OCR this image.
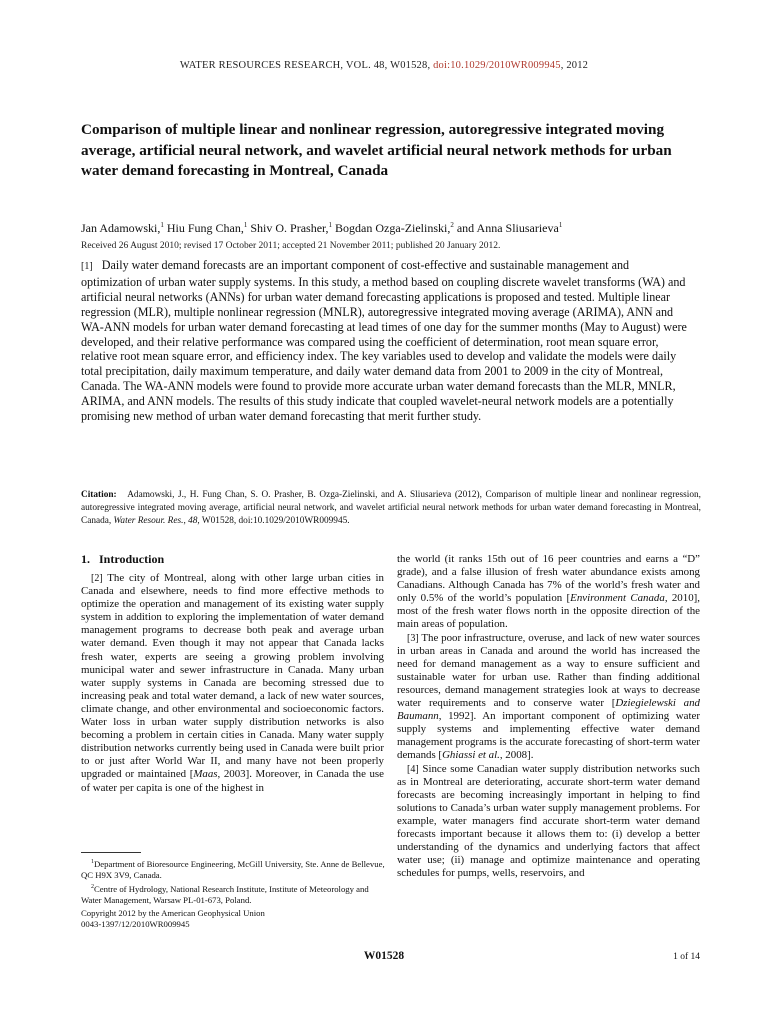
WATER RESOURCES RESEARCH, VOL. 48, W01528, doi:10.1029/2010WR009945, 2012
Comparison of multiple linear and nonlinear regression, autoregressive integrated moving average, artificial neural network, and wavelet artificial neural network methods for urban water demand forecasting in Montreal, Canada
Jan Adamowski,$^1$ Hiu Fung Chan,$^1$ Shiv O. Prasher,$^1$ Bogdan Ozga-Zielinski,$^2$ and Anna Sliusarieva$^1$
Received 26 August 2010; revised 17 October 2011; accepted 21 November 2011; published 20 January 2012.

[1] Daily water demand forecasts are an important component of cost-effective and sustainable management and optimization of urban water supply systems. In this study, a method based on coupling discrete wavelet transforms (WA) and artificial neural networks (ANNs) for urban water demand forecasting applications is proposed and tested. Multiple linear regression (MLR), multiple nonlinear regression (MNLR), autoregressive integrated moving average (ARIMA), ANN and WA-ANN models for urban water demand forecasting at lead times of one day for the summer months (May to August) were developed, and their relative performance was compared using the coefficient of determination, root mean square error, relative root mean square error, and efficiency index. The key variables used to develop and validate the models were daily total precipitation, daily maximum temperature, and daily water demand data from 2001 to 2009 in the city of Montreal, Canada. The WA-ANN models were found to provide more accurate urban water demand forecasts than the MLR, MNLR, ARIMA, and ANN models. The results of this study indicate that coupled wavelet-neural network models are a potentially promising new method of urban water demand forecasting that merit further study.

Citation: Adamowski, J., H. Fung Chan, S. O. Prasher, B. Ozga-Zielinski, and A. Sliusarieva (2012), Comparison of multiple linear and nonlinear regression, autoregressive integrated moving average, artificial neural network, and wavelet artificial neural network methods for urban water demand forecasting in Montreal, Canada, Water Resour. Res., 48, W01528, doi:10.1029/2010WR009945.
1.   Introduction

[2] The city of Montreal, along with other large urban cities in Canada and elsewhere, needs to find more effective methods to optimize the operation and management of its existing water supply system in addition to exploring the implementation of water demand management programs to decrease both peak and average urban water demand. Even though it may not appear that Canada lacks fresh water, experts are seeing a growing problem involving municipal water and sewer infrastructure in Canada. Many urban water supply systems in Canada are becoming stressed due to increasing peak and total water demand, a lack of new water sources, climate change, and other environmental and socioeconomic factors. Water loss in urban water supply distribution networks is also becoming a problem in certain cities in Canada. Many water supply distribution networks currently being used in Canada were built prior to or just after World War II, and many have not been properly upgraded or maintained [Maas, 2003]. Moreover, in Canada the use of water per capita is one of the highest in

$^1$Department of Bioresource Engineering, McGill University, Ste. Anne de Bellevue, QC H9X 3V9, Canada.

$^2$Centre of Hydrology, National Research Institute, Institute of Meteorology and Water Management, Warsaw PL-01-673, Poland.

Copyright 2012 by the American Geophysical Union
0043-1397/12/2010WR009945

the world (it ranks 15th out of 16 peer countries and earns a “D” grade), and a false illusion of fresh water abundance exists among Canadians. Although Canada has 7% of the world’s fresh water and only 0.5% of the world’s population [Environment Canada, 2010], most of the fresh water flows north in the opposite direction of the main areas of population.

[3] The poor infrastructure, overuse, and lack of new water sources in urban areas in Canada and around the world has increased the need for demand management as a way to ensure sufficient and sustainable water for urban use. Rather than finding additional resources, demand management strategies look at ways to decrease water requirements and to conserve water [Dziegielewski and Baumann, 1992]. An important component of optimizing water supply systems and implementing effective water demand management programs is the accurate forecasting of short-term water demands [Ghiassi et al., 2008].

[4] Since some Canadian water supply distribution networks such as in Montreal are deteriorating, accurate short-term water demand forecasts are becoming increasingly important in helping to find solutions to Canada’s urban water supply management problems. For example, water managers find accurate short-term water demand forecasts important because it allows them to: (i) develop a better understanding of the dynamics and underlying factors that affect water use; (ii) manage and optimize maintenance and operating schedules for pumps, wells, reservoirs, and

W01528	1 of 14
